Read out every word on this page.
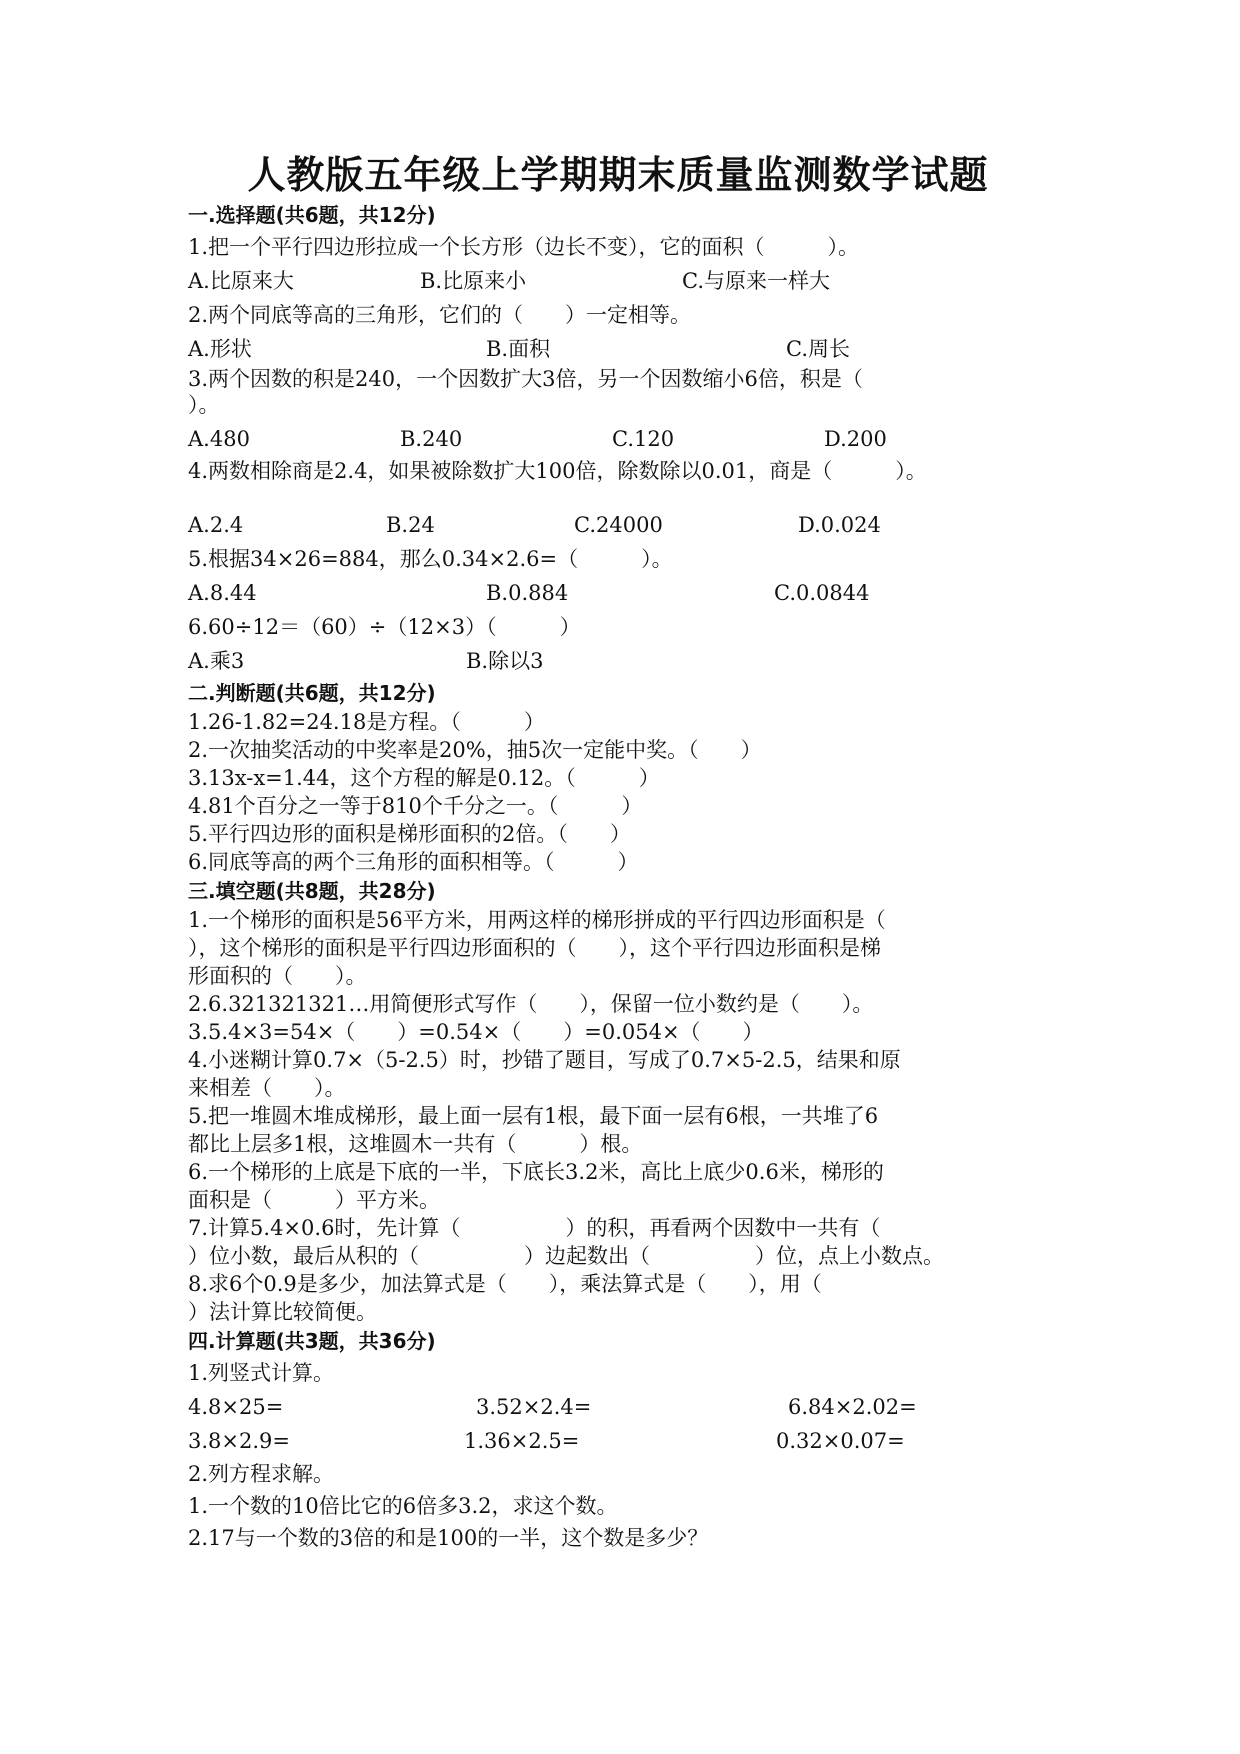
人教版五年级上学期期末质量监测数学试题
一.选择题(共6题，共12分)
1.把一个平行四边形拉成一个长方形（边长不变），它的面积（　　　）。
A.比原来大	B.比原来小	C.与原来一样大
2.两个同底等高的三角形，它们的（　　）一定相等。
A.形状	B.面积	C.周长
3.两个因数的积是240，一个因数扩大3倍，另一个因数缩小6倍，积是（
）。
A.480	B.240	C.120	D.200
4.两数相除商是2.4，如果被除数扩大100倍，除数除以0.01，商是（　　　）。
A.2.4	B.24	C.24000	D.0.024
5.根据34×26=884，那么0.34×2.6=（　　　）。
A.8.44	B.0.884	C.0.0844
6.60÷12＝（60）÷（12×3）（　　　）
A.乘3	B.除以3
二.判断题(共6题，共12分)
1.26-1.82=24.18是方程。（　　　）
2.一次抽奖活动的中奖率是20%，抽5次一定能中奖。（　　）
3.13x-x=1.44，这个方程的解是0.12。（　　　）
4.81个百分之一等于810个千分之一。（　　　）
5.平行四边形的面积是梯形面积的2倍。（　　）
6.同底等高的两个三角形的面积相等。（　　　）
三.填空题(共8题，共28分)
1.一个梯形的面积是56平方米，用两这样的梯形拼成的平行四边形面积是（
），这个梯形的面积是平行四边形面积的（　　），这个平行四边形面积是梯
形面积的（　　）。
2.6.321321321…用简便形式写作（　　），保留一位小数约是（　　）。
3.5.4×3=54×（　　）=0.54×（　　）=0.054×（　　）
4.小迷糊计算0.7×（5-2.5）时，抄错了题目，写成了0.7×5-2.5，结果和原
来相差（　　）。
5.把一堆圆木堆成梯形，最上面一层有1根，最下面一层有6根，一共堆了6
都比上层多1根，这堆圆木一共有（　　　）根。
6.一个梯形的上底是下底的一半，下底长3.2米，高比上底少0.6米，梯形的
面积是（　　　）平方米。
7.计算5.4×0.6时，先计算（　　　　　）的积，再看两个因数中一共有（
）位小数，最后从积的（　　　　　）边起数出（　　　　　）位，点上小数点。
8.求6个0.9是多少，加法算式是（　　），乘法算式是（　　），用（
）法计算比较简便。
四.计算题(共3题，共36分)
1.列竖式计算。
4.8×25=	3.52×2.4=	6.84×2.02=
3.8×2.9=	1.36×2.5=	0.32×0.07=
2.列方程求解。
1.一个数的10倍比它的6倍多3.2，求这个数。
2.17与一个数的3倍的和是100的一半，这个数是多少？
